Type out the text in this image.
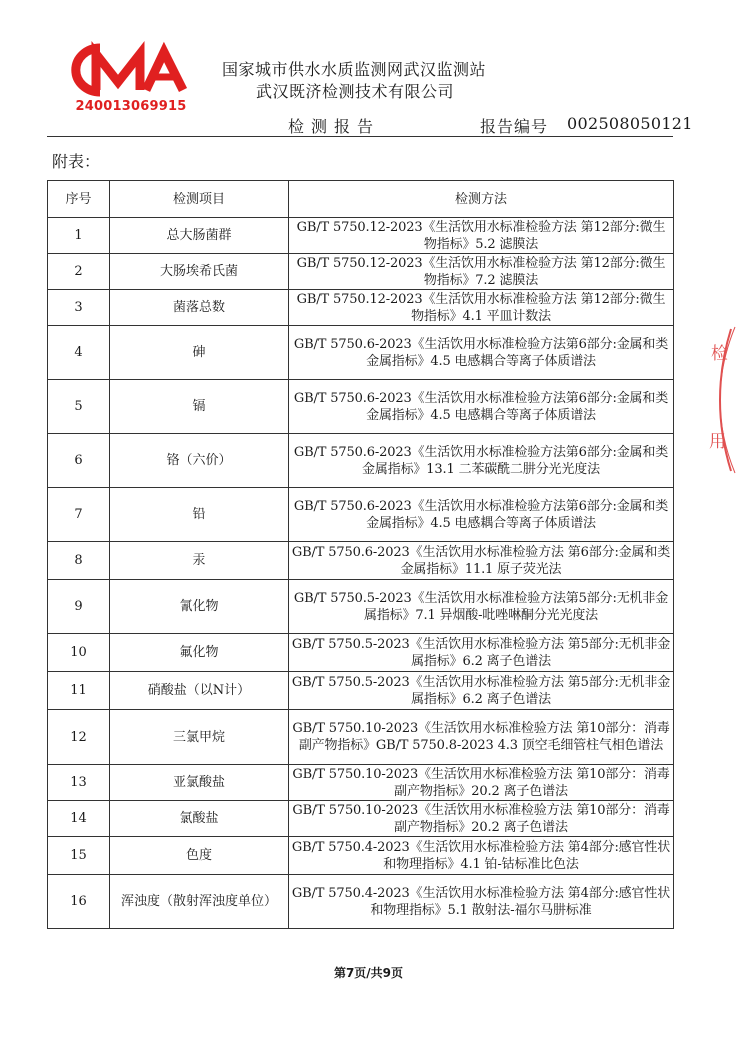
240013069915
国家城市供水水质监测网武汉监测站
武汉既济检测技术有限公司
检测报告	报告编号 002508050121
附表：
序号	检测项目	检测方法
1	总大肠菌群	GB/T 5750.12-2023《生活饮用水标准检验方法 第12部分:微生物指标》5.2 滤膜法
2	大肠埃希氏菌	GB/T 5750.12-2023《生活饮用水标准检验方法 第12部分:微生物指标》7.2 滤膜法
3	菌落总数	GB/T 5750.12-2023《生活饮用水标准检验方法 第12部分:微生物指标》4.1 平皿计数法
4	砷	GB/T 5750.6-2023《生活饮用水标准检验方法第6部分:金属和类金属指标》4.5 电感耦合等离子体质谱法
5	镉	GB/T 5750.6-2023《生活饮用水标准检验方法第6部分:金属和类金属指标》4.5 电感耦合等离子体质谱法
6	铬（六价）	GB/T 5750.6-2023《生活饮用水标准检验方法第6部分:金属和类金属指标》13.1 二苯碳酰二肼分光光度法
7	铅	GB/T 5750.6-2023《生活饮用水标准检验方法第6部分:金属和类金属指标》4.5 电感耦合等离子体质谱法
8	汞	GB/T 5750.6-2023《生活饮用水标准检验方法 第6部分:金属和类金属指标》11.1 原子荧光法
9	氰化物	GB/T 5750.5-2023《生活饮用水标准检验方法第5部分:无机非金属指标》7.1 异烟酸-吡唑啉酮分光光度法
10	氟化物	GB/T 5750.5-2023《生活饮用水标准检验方法 第5部分:无机非金属指标》6.2 离子色谱法
11	硝酸盐（以N计）	GB/T 5750.5-2023《生活饮用水标准检验方法 第5部分:无机非金属指标》6.2 离子色谱法
12	三氯甲烷	GB/T 5750.10-2023《生活饮用水标准检验方法 第10部分：消毒副产物指标》GB/T 5750.8-2023 4.3 顶空毛细管柱气相色谱法
13	亚氯酸盐	GB/T 5750.10-2023《生活饮用水标准检验方法 第10部分：消毒副产物指标》20.2 离子色谱法
14	氯酸盐	GB/T 5750.10-2023《生活饮用水标准检验方法 第10部分：消毒副产物指标》20.2 离子色谱法
15	色度	GB/T 5750.4-2023《生活饮用水标准检验方法 第4部分:感官性状和物理指标》4.1 铂-钴标准比色法
16	浑浊度（散射浑浊度单位）	GB/T 5750.4-2023《生活饮用水标准检验方法 第4部分:感官性状和物理指标》5.1 散射法-福尔马肼标准
第7页/共9页
检
用
